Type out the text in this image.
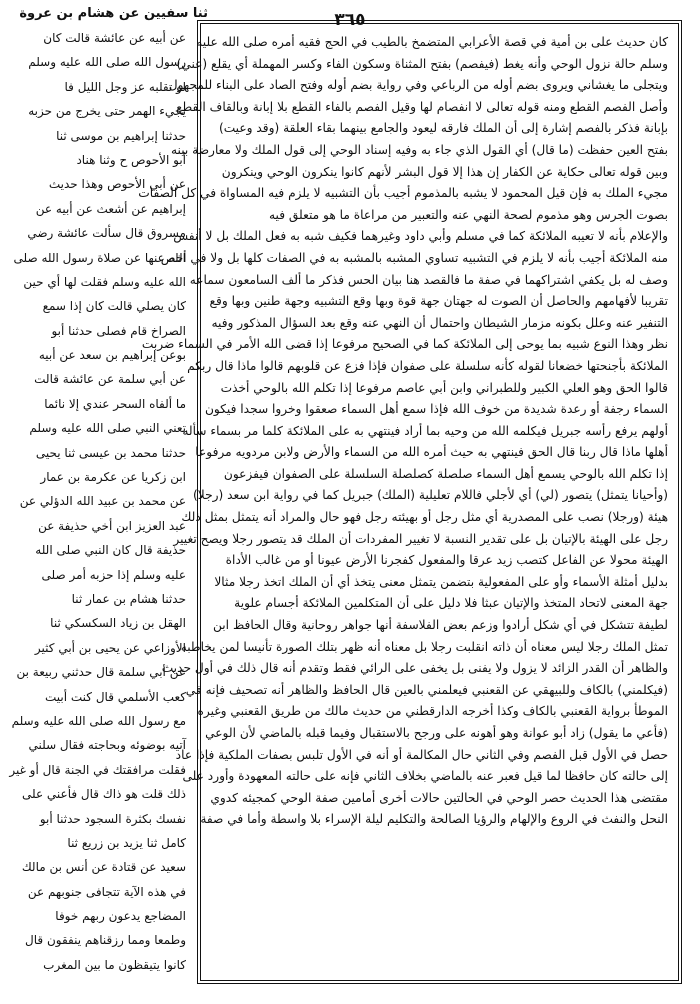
٣٦٥
ثنا سفيين عن هشام بن عروة
كان حديث على بن أمية في قصة الأعرابي المتضمخ بالطيب في الحج فقيه أمره صلى الله عليه
وسلم حالة نزول الوحي وأنه يغط (فيفصم) بفتح المثناة وسكون الفاء وكسر المهملة أي يقلع (عني)
ويتجلى ما يغشاني ويروى بضم أوله من الرباعي وفي رواية بضم أوله وفتح الصاد على البناء للمجهول
وأصل الفصم القطع ومنه قوله تعالى لا انفصام لها وقيل الفصم بالفاء القطع بلا إبانة وبالقاف القطع
بإبانة فذكر بالفصم إشارة إلى أن الملك فارقه ليعود والجامع بينهما بقاء العلقة (وقد وعيت)
بفتح العين حفظت (ما قال) أي القول الذي جاء به وفيه إسناد الوحي إلى قول الملك ولا معارضة بينه
وبين قوله تعالى حكاية عن الكفار إن هذا إلا قول البشر لأنهم كانوا ينكرون الوحي وينكرون
مجيء الملك به فإن قيل المحمود لا يشبه بالمذموم أجيب بأن التشبيه لا يلزم فيه المساواة في كل الصفات
بصوت الجرس وهو مذموم لصحة النهي عنه والتعبير من مراعاة ما هو متعلق فيه
والإعلام بأنه لا تعيبه الملائكة كما في مسلم وأبي داود وغيرهما فكيف شبه به فعل الملك بل لا أنفس
منه الملائكة أجيب بأنه لا يلزم في التشبيه تساوي المشبه بالمشبه به في الصفات كلها بل ولا في أخص
وصف له بل يكفي اشتراكهما في صفة ما فالقصد هنا بيان الحس فذكر ما ألف السامعون سماعه
تقريبا لأفهامهم والحاصل أن الصوت له جهتان جهة قوة وبها وقع التشبيه وجهة طنين وبها وقع
التنفير عنه وعلل بكونه مزمار الشيطان واحتمال أن النهي عنه وقع بعد السؤال المذكور وفيه
نظر وهذا النوع شبيه بما يوحى إلى الملائكة كما في الصحيح مرفوعا إذا قضى الله الأمر في السماء ضربت
الملائكة بأجنحتها خضعانا لقوله كأنه سلسلة على صفوان فإذا فزع عن قلوبهم قالوا ماذا قال ربكم
قالوا الحق وهو العلي الكبير وللطبراني وابن أبي عاصم مرفوعا إذا تكلم الله بالوحي أخذت
السماء رجفة أو رعدة شديدة من خوف الله فإذا سمع أهل السماء صعقوا وخروا سجدا فيكون
أولهم يرفع رأسه جبريل فيكلمه الله من وحيه بما أراد فينتهي به على الملائكة كلما مر بسماء سأله
أهلها ماذا قال ربنا قال الحق فينتهي به حيث أمره الله من السماء والأرض ولابن مردويه مرفوعا
إذا تكلم الله بالوحي يسمع أهل السماء صلصلة كصلصلة السلسلة على الصفوان فيفزعون
(وأحيانا يتمثل) يتصور (لي) أي لأجلي فاللام تعليلية (الملك) جبريل كما في رواية ابن سعد (رجلا)
هيئة (ورجلا) نصب على المصدرية أي مثل رجل أو بهيئته رجل فهو حال والمراد أنه يتمثل بمثل ذلك
رجل على الهيئة بالإتيان بل على تقدير النسبة لا تغيير المفردات أن الملك قد يتصور رجلا ويصح تغيير
الهيئة محولا عن الفاعل كتصب زيد عرقا والمفعول كفجرنا الأرض عيونا أو من غالب الأداة
بدليل أمثلة الأسماء وأو على المفعولية بتضمن يتمثل معنى يتخذ أي أن الملك اتخذ رجلا مثالا
جهة المعنى لاتحاد المتخذ والإتيان عبثا فلا دليل على أن المتكلمين الملائكة أجسام علوية
لطيفة تتشكل في أي شكل أرادوا وزعم بعض الفلاسفة أنها جواهر روحانية وقال الحافظ ابن
تمثل الملك رجلا ليس معناه أن ذاته انقلبت رجلا بل معناه أنه ظهر بتلك الصورة تأنيسا لمن يخاطبه
والظاهر أن القدر الزائد لا يزول ولا يفنى بل يخفى على الرائي فقط وتقدم أنه قال ذلك في أول حديث
(فيكلمني) بالكاف وللبيهقي عن القعنبي فيعلمني بالعين قال الحافظ والظاهر أنه تصحيف فإنه في
الموطأ برواية القعنبي بالكاف وكذا أخرجه الدارقطني من حديث مالك من طريق القعنبي وغيره
(فأعي ما يقول) زاد أبو عوانة وهو أهونه على ورجح بالاستقبال وفيما قبله بالماضي لأن الوعي
حصل في الأول قبل الفصم وفي الثاني حال المكالمة أو أنه في الأول تلبس بصفات الملكية فإذا عاد
إلى حالته كان حافظا لما قيل فعبر عنه بالماضي بخلاف الثاني فإنه على حالته المعهودة وأورد على
مقتضى هذا الحديث حصر الوحي في الحالتين حالات أخرى أمامين صفة الوحي كمجيئه كدوي
النحل والنفث في الروع والإلهام والرؤيا الصالحة والتكليم ليلة الإسراء بلا واسطة وأما في صفة
عن أبيه عن عائشة قالت كان
رسول الله صلى الله عليه وسلم
لو تقلبه عز وجل الليل فا
يجيء الهمر حتى يخرج من حزبه
حدثنا إبراهيم بن موسى ثنا
أبو الأحوص ح وثنا هناد
عن أبي الأحوص وهذا حديث
إبراهيم عن أشعث عن أبيه عن
مسروق قال سألت عائشة رضي
الله عنها عن صلاة رسول الله صلى
الله عليه وسلم فقلت لها أي حين
كان يصلي قالت كان إذا سمع
الصراخ قام فصلى حدثنا أبو
بوعن إبراهيم بن سعد عن أبيه
عن أبي سلمة عن عائشة قالت
ما ألفاه السحر عندي إلا نائما
تعني النبي صلى الله عليه وسلم
حدثنا محمد بن عيسى ثنا يحيى
ابن زكريا عن عكرمة بن عمار
عن محمد بن عبيد الله الدؤلي عن
عبد العزيز ابن أخي حذيفة عن
حذيفة قال كان النبي صلى الله
عليه وسلم إذا حزبه أمر صلى
حدثنا هشام بن عمار ثنا
الهقل بن زياد السكسكي ثنا
الأوزاعي عن يحيى بن أبي كثير
عن أبي سلمة قال حدثني ربيعة بن
كعب الأسلمي قال كنت أبيت
مع رسول الله صلى الله عليه وسلم
آتيه بوضوئه وبحاجته فقال سلني
فقلت مرافقتك في الجنة قال أو غير
ذلك قلت هو ذاك قال فأعني على
نفسك بكثرة السجود حدثنا أبو
كامل ثنا يزيد بن زريع ثنا
سعيد عن قتادة عن أنس بن مالك
في هذه الآية تتجافى جنوبهم عن
المضاجع يدعون ربهم خوفا
وطمعا ومما رزقناهم ينفقون قال
كانوا يتيقظون ما بين المغرب
